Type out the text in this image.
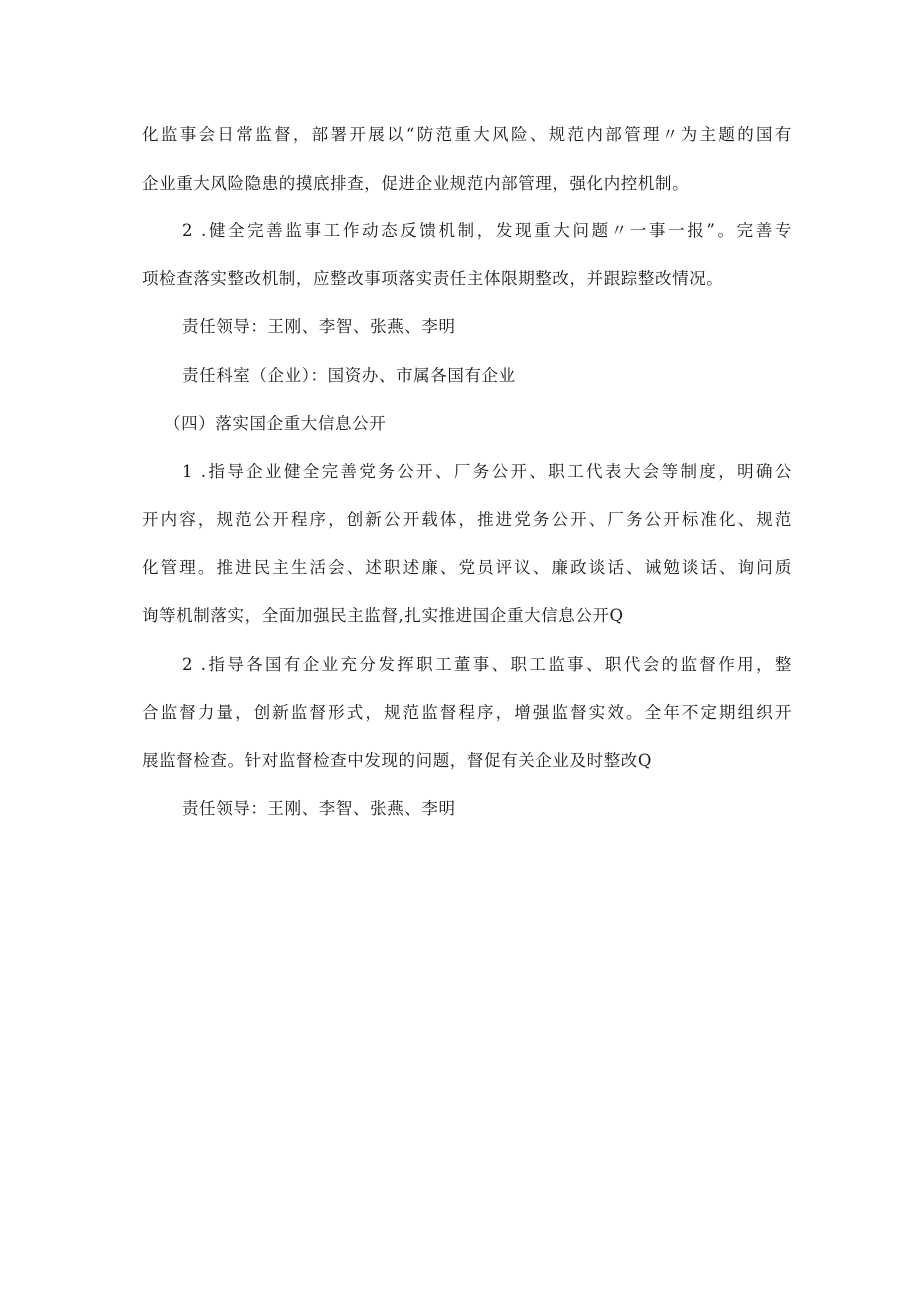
化监事会日常监督，部署开展以“防范重大风险、规范内部管理〃为主题的国有
企业重大风险隐患的摸底排查，促进企业规范内部管理，强化内控机制。
2 .健全完善监事工作动态反馈机制，发现重大问题〃一事一报”。完善专
项检查落实整改机制，应整改事项落实责任主体限期整改，并跟踪整改情况。
责任领导：王刚、李智、张燕、李明
责任科室（企业）：国资办、市属各国有企业
（四）落实国企重大信息公开
1 .指导企业健全完善党务公开、厂务公开、职工代表大会等制度，明确公
开内容，规范公开程序，创新公开载体，推进党务公开、厂务公开标准化、规范
化管理。推进民主生活会、述职述廉、党员评议、廉政谈话、诫勉谈话、询问质
询等机制落实，全面加强民主监督,扎实推进国企重大信息公开Q
2 .指导各国有企业充分发挥职工董事、职工监事、职代会的监督作用，整
合监督力量，创新监督形式，规范监督程序，增强监督实效。全年不定期组织开
展监督检查。针对监督检查中发现的问题，督促有关企业及时整改Q
责任领导：王刚、李智、张燕、李明
